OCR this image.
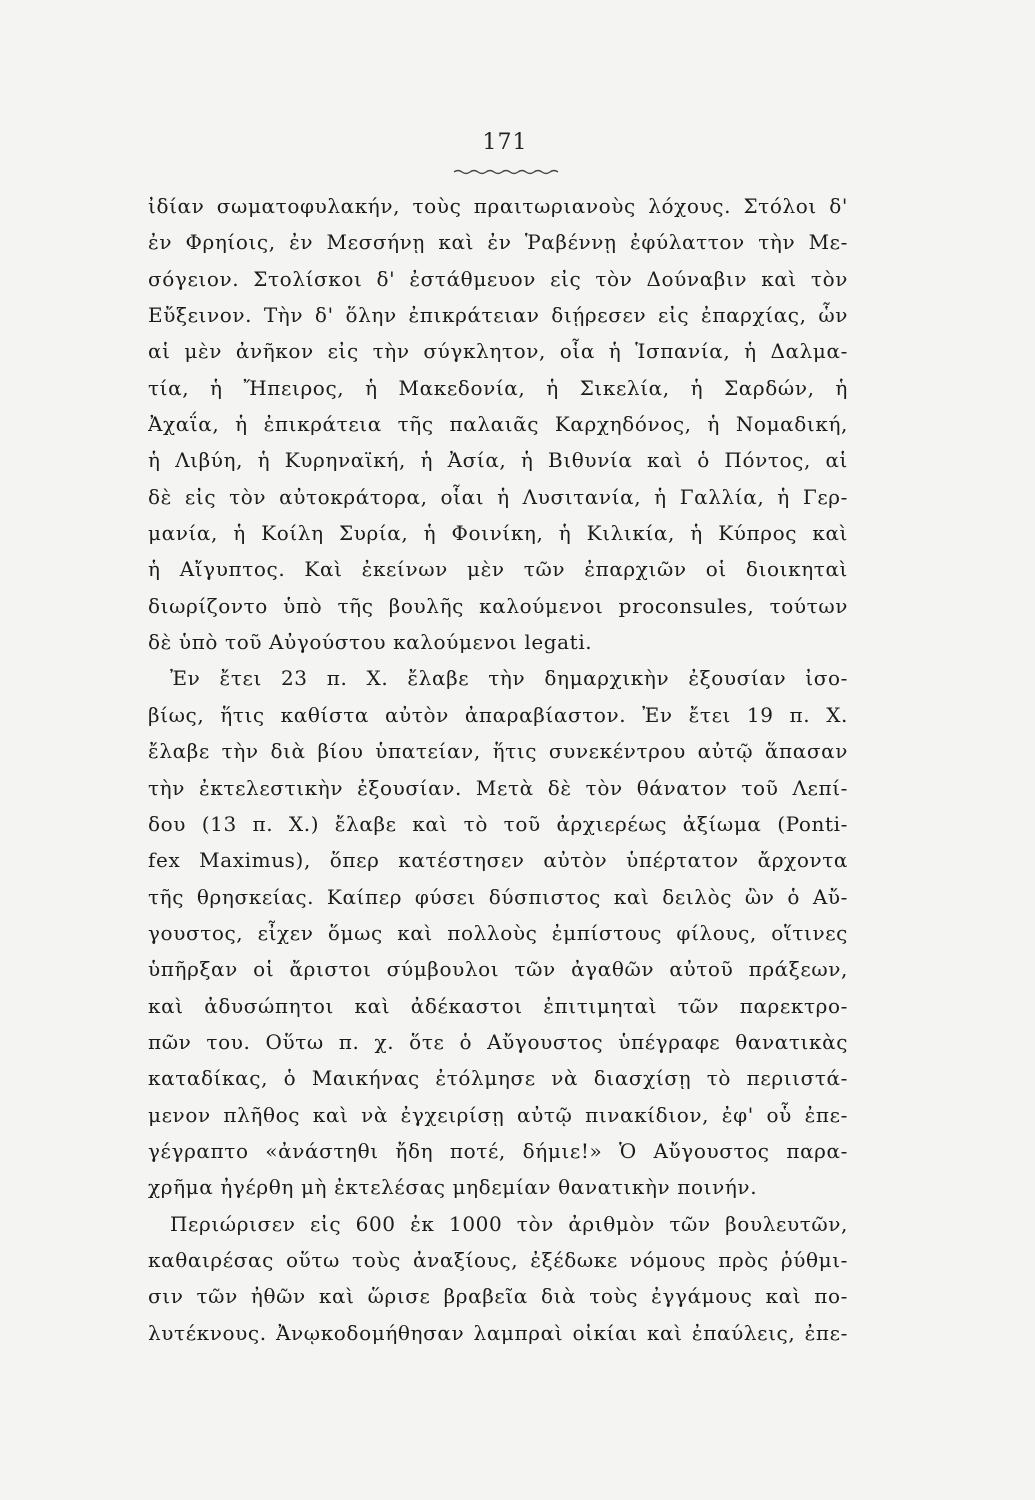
171
ἰδίαν σωματοφυλακήν, τοὺς πραιτωριανοὺς λόχους. Στόλοι δ'
ἐν Φρηίοις, ἐν Μεσσήνῃ καὶ ἐν Ῥαβέννῃ ἐφύλαττον τὴν Με-
σόγειον. Στολίσκοι δ' ἐστάθμευον εἰς τὸν Δούναβιν καὶ τὸν
Εὔξεινον. Τὴν δ' ὅλην ἐπικράτειαν διῄρεσεν εἰς ἐπαρχίας, ὧν
αἱ μὲν ἀνῆκον εἰς τὴν σύγκλητον, οἷα ἡ Ἱσπανία, ἡ Δαλμα-
τία, ἡ Ἤπειρος, ἡ Μακεδονία, ἡ Σικελία, ἡ Σαρδών, ἡ
Ἀχαΐα, ἡ ἐπικράτεια τῆς παλαιᾶς Καρχηδόνος, ἡ Νομαδική,
ἡ Λιβύη, ἡ Κυρηναϊκή, ἡ Ἀσία, ἡ Βιθυνία καὶ ὁ Πόντος, αἱ
δὲ εἰς τὸν αὐτοκράτορα, οἷαι ἡ Λυσιτανία, ἡ Γαλλία, ἡ Γερ-
μανία, ἡ Κοίλη Συρία, ἡ Φοινίκη, ἡ Κιλικία, ἡ Κύπρος καὶ
ἡ Αἴγυπτος. Καὶ ἐκείνων μὲν τῶν ἐπαρχιῶν οἱ διοικηταὶ
διωρίζοντο ὑπὸ τῆς βουλῆς καλούμενοι proconsules, τούτων
δὲ ὑπὸ τοῦ Αὐγούστου καλούμενοι legati.
Ἐν ἔτει 23 π. Χ. ἔλαβε τὴν δημαρχικὴν ἐξουσίαν ἰσο-
βίως, ἥτις καθίστα αὐτὸν ἀπαραβίαστον. Ἐν ἔτει 19 π. Χ.
ἔλαβε τὴν διὰ βίου ὑπατείαν, ἥτις συνεκέντρου αὐτῷ ἅπασαν
τὴν ἐκτελεστικὴν ἐξουσίαν. Μετὰ δὲ τὸν θάνατον τοῦ Λεπί-
δου (13 π. Χ.) ἔλαβε καὶ τὸ τοῦ ἀρχιερέως ἀξίωμα (Ponti-
fex Maximus), ὅπερ κατέστησεν αὐτὸν ὑπέρτατον ἄρχοντα
τῆς θρησκείας. Καίπερ φύσει δύσπιστος καὶ δειλὸς ὢν ὁ Αὔ-
γουστος, εἶχεν ὅμως καὶ πολλοὺς ἐμπίστους φίλους, οἵτινες
ὑπῆρξαν οἱ ἄριστοι σύμβουλοι τῶν ἀγαθῶν αὐτοῦ πράξεων,
καὶ ἀδυσώπητοι καὶ ἀδέκαστοι ἐπιτιμηταὶ τῶν παρεκτρο-
πῶν του. Οὕτω π. χ. ὅτε ὁ Αὔγουστος ὑπέγραφε θανατικὰς
καταδίκας, ὁ Μαικήνας ἐτόλμησε νὰ διασχίσῃ τὸ περιιστά-
μενον πλῆθος καὶ νὰ ἐγχειρίσῃ αὐτῷ πινακίδιον, ἐφ' οὗ ἐπε-
γέγραπτο «ἀνάστηθι ἤδη ποτέ, δήμιε!» Ὁ Αὔγουστος παρα-
χρῆμα ἠγέρθη μὴ ἐκτελέσας μηδεμίαν θανατικὴν ποινήν.
Περιώρισεν εἰς 600 ἐκ 1000 τὸν ἀριθμὸν τῶν βουλευτῶν,
καθαιρέσας οὕτω τοὺς ἀναξίους, ἐξέδωκε νόμους πρὸς ῥύθμι-
σιν τῶν ἠθῶν καὶ ὥρισε βραβεῖα διὰ τοὺς ἐγγάμους καὶ πο-
λυτέκνους. Ἀνῳκοδομήθησαν λαμπραὶ οἰκίαι καὶ ἐπαύλεις, ἐπε-
